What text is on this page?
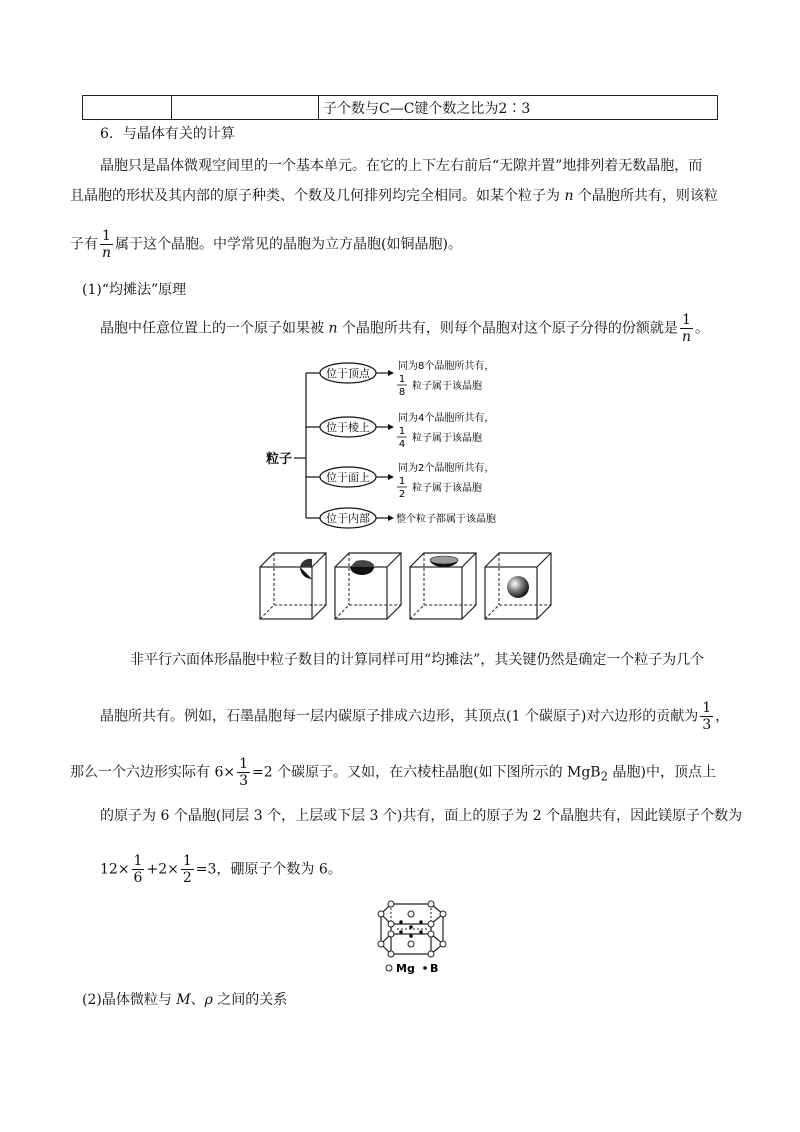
		子个数与C—C键个数之比为2∶3
6．与晶体有关的计算
晶胞只是晶体微观空间里的一个基本单元。在它的上下左右前后“无隙并置”地排列着无数晶胞，而
且晶胞的形状及其内部的原子种类、个数及几何排列均完全相同。如某个粒子为 n 个晶胞所共有，则该粒
子有 $\frac{1}{n}$ 属于这个晶胞。中学常见的晶胞为立方晶胞(如铜晶胞)。
(1)“均摊法”原理
晶胞中任意位置上的一个原子如果被 n 个晶胞所共有，则每个晶胞对这个原子分得的份额就是 $\frac{1}{n}$ 。
粒子
位于顶点
同为8个晶胞所共有，
1
8
粒子属于该晶胞
位于棱上
同为4个晶胞所共有，
1
4
粒子属于该晶胞
位于面上
同为2个晶胞所共有，
1
2
粒子属于该晶胞
位于内部	整个粒子都属于该晶胞
非平行六面体形晶胞中粒子数目的计算同样可用“均摊法”，其关键仍然是确定一个粒子为几个
晶胞所共有。例如，石墨晶胞每一层内碳原子排成六边形，其顶点(1 个碳原子)对六边形的贡献为 $\frac{1}{3}$ ，
那么一个六边形实际有 $6\times \frac{1}{3} =2$ 个碳原子。又如，在六棱柱晶胞(如下图所示的 MgB$_2$ 晶胞)中，顶点上
的原子为 6 个晶胞(同层 3 个，上层或下层 3 个)共有，面上的原子为 2 个晶胞共有，因此镁原子个数为
$12\times \frac{1}{6} +2\times \frac{1}{2} =3$，硼原子个数为 6。
Mg B
(2)晶体微粒与 M、ρ 之间的关系
